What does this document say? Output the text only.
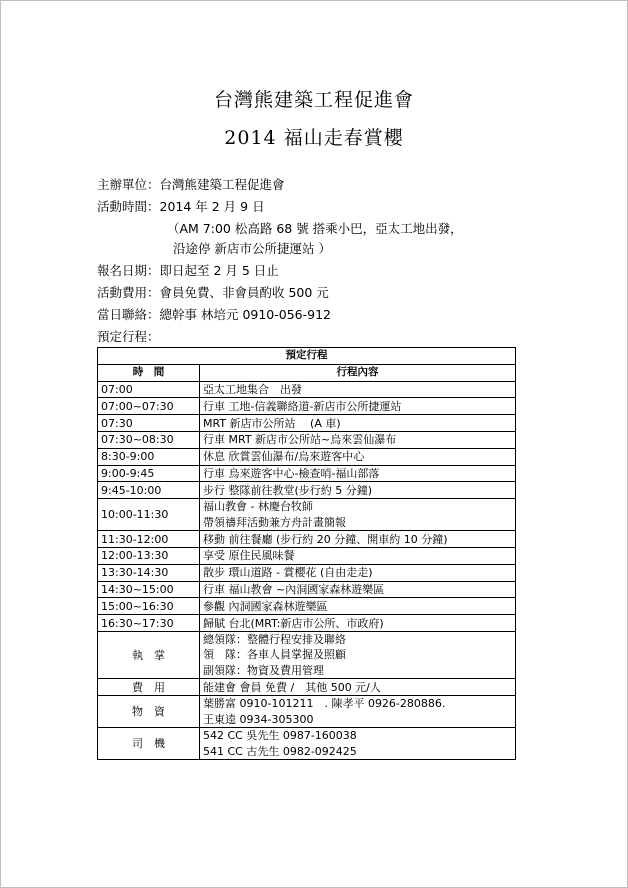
台灣熊建築工程促進會
2014 福山走春賞櫻
主辦單位：台灣熊建築工程促進會
活動時間：2014 年 2 月 9 日
（AM 7:00 松高路 68 號 搭乘小巴，亞太工地出發，
沿途停 新店市公所捷運站 ）
報名日期：即日起至 2 月 5 日止
活動費用：會員免費、非會員酌收 500 元
當日聯絡：總幹事 林培元 0910-056-912
預定行程：
預定行程	
時　間	行程內容
07:00	亞太工地集合　出發

07:00~07:30	行車 工地-信義聯絡道-新店市公所捷運站

07:30	MRT 新店市公所站　 (A 車)

07:30~08:30	行車 MRT 新店市公所站~烏來雲仙瀑布

8:30-9:00	休息 欣賞雲仙瀑布/烏來遊客中心

9:00-9:45	行車 烏來遊客中心-檢查哨-福山部落

9:45-10:00	步行 整隊前往教堂(步行約 5 分鐘)

10:00-11:30	福山教會 - 林慶台牧師
帶領禱拜活動兼方舟計畫簡報

11:30-12:00	移動 前往餐廳 (步行約 20 分鐘、開車約 10 分鐘)

12:00-13:30	享受 原住民風味餐

13:30-14:30	散步 環山道路 - 賞櫻花 (自由走走)

14:30~15:00	行車 福山教會 ~內洞國家森林遊樂區

15:00~16:30	參觀 內洞國家森林遊樂區

16:30~17:30	歸賦 台北(MRT:新店市公所、市政府)

執　掌	總領隊：整體行程安排及聯絡
領　隊：各車人員掌握及照顧
副領隊：物資及費用管理

費　用	能建會 會員 免費 /　其他 500 元/人
物　資	葉勝富 0910-101211　. 陳孝平 0926-280886.
王東逵 0934-305300

司　機	542 CC 吳先生 0987-160038
541 CC 古先生 0982-092425
